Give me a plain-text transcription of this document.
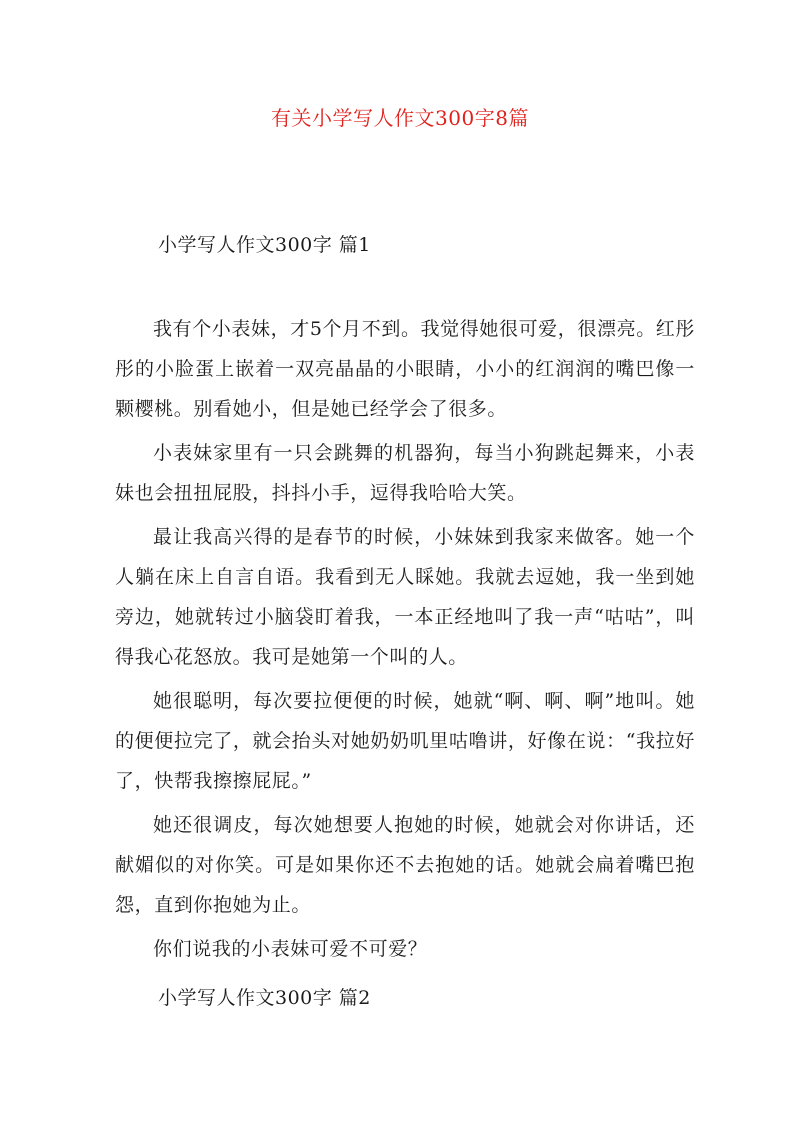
有关小学写人作文300字8篇
小学写人作文300字 篇1

我有个小表妹，才5个月不到。我觉得她很可爱，很漂亮。红彤彤的小脸蛋上嵌着一双亮晶晶的小眼睛，小小的红润润的嘴巴像一颗樱桃。别看她小，但是她已经学会了很多。

小表妹家里有一只会跳舞的机器狗，每当小狗跳起舞来，小表妹也会扭扭屁股，抖抖小手，逗得我哈哈大笑。

最让我高兴得的是春节的时候，小妹妹到我家来做客。她一个人躺在床上自言自语。我看到无人睬她。我就去逗她，我一坐到她旁边，她就转过小脑袋盯着我，一本正经地叫了我一声“咕咕”，叫得我心花怒放。我可是她第一个叫的人。

她很聪明，每次要拉便便的时候，她就“啊、啊、啊”地叫。她的便便拉完了，就会抬头对她奶奶叽里咕噜讲，好像在说：“我拉好了，快帮我擦擦屁屁。”

她还很调皮，每次她想要人抱她的时候，她就会对你讲话，还献媚似的对你笑。可是如果你还不去抱她的话。她就会扁着嘴巴抱怨，直到你抱她为止。

你们说我的小表妹可爱不可爱？

小学写人作文300字 篇2
